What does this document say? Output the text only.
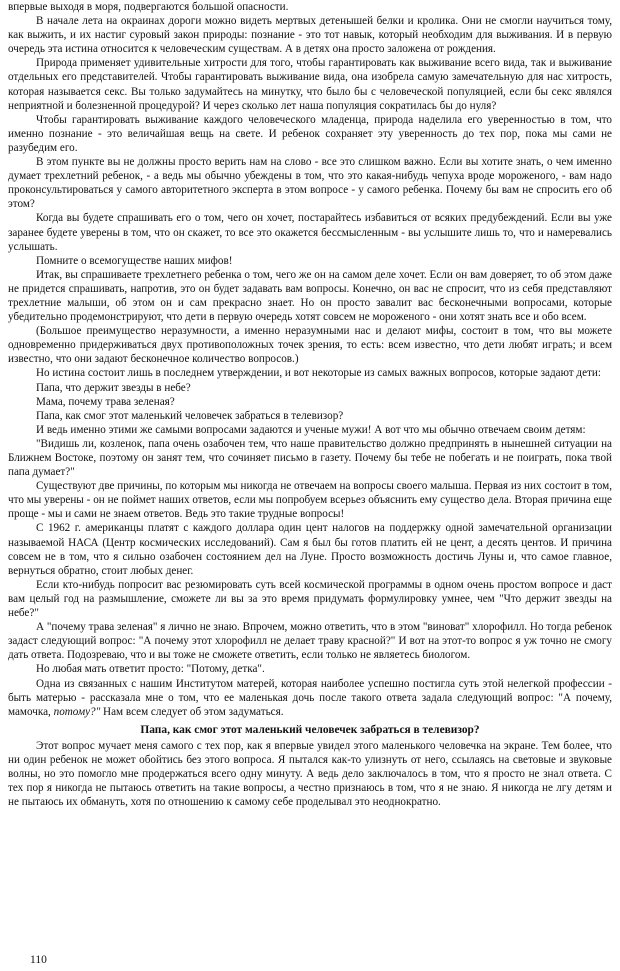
впервые выходя в моря, подвергаются большой опасности.

В начале лета на окраинах дороги можно видеть мертвых детенышей белки и кролика. Они не смогли научиться тому, как выжить, и их настиг суровый закон природы: познание - это тот навык, который необходим для выживания. И в первую очередь эта истина относится к человеческим существам. А в детях она просто заложена от рождения.

Природа применяет удивительные хитрости для того, чтобы гарантировать как выживание всего вида, так и выживание отдельных его представителей. Чтобы гарантировать выживание вида, она изобрела самую замечательную для нас хитрость, которая называется секс. Вы только задумайтесь на минутку, что было бы с человеческой популяцией, если бы секс являлся неприятной и болезненной процедурой? И через сколько лет наша популяция сократилась бы до нуля?

Чтобы гарантировать выживание каждого человеческого младенца, природа наделила его уверенностью в том, что именно познание - это величайшая вещь на свете. И ребенок сохраняет эту уверенность до тех пор, пока мы сами не разубедим его.

В этом пункте вы не должны просто верить нам на слово - все это слишком важно. Если вы хотите знать, о чем именно думает трехлетний ребенок, - а ведь мы обычно убеждены в том, что это какая-нибудь чепуха вроде мороженого, - вам надо проконсультироваться у самого авторитетного эксперта в этом вопросе - у самого ребенка. Почему бы вам не спросить его об этом?

Когда вы будете спрашивать его о том, чего он хочет, постарайтесь избавиться от всяких предубеждений. Если вы уже заранее будете уверены в том, что он скажет, то все это окажется бессмысленным - вы услышите лишь то, что и намеревались услышать.

Помните о всемогуществе наших мифов!

Итак, вы спрашиваете трехлетнего ребенка о том, чего же он на самом деле хочет. Если он вам доверяет, то об этом даже не придется спрашивать, напротив, это он будет задавать вам вопросы. Конечно, он вас не спросит, что из себя представляют трехлетние малыши, об этом он и сам прекрасно знает. Но он просто завалит вас бесконечными вопросами, которые убедительно продемонстрируют, что дети в первую очередь хотят совсем не мороженого - они хотят знать все и обо всем.

(Большое преимущество неразумности, а именно неразумными нас и делают мифы, состоит в том, что вы можете одновременно придерживаться двух противоположных точек зрения, то есть: всем известно, что дети любят играть; и всем известно, что они задают бесконечное количество вопросов.)

Но истина состоит лишь в последнем утверждении, и вот некоторые из самых важных вопросов, которые задают дети:

Папа, что держит звезды в небе?

Мама, почему трава зеленая?

Папа, как смог этот маленький человечек забраться в телевизор?

И ведь именно этими же самыми вопросами задаются и ученые мужи! А вот что мы обычно отвечаем своим детям:

"Видишь ли, козленок, папа очень озабочен тем, что наше правительство должно предпринять в нынешней ситуации на Ближнем Востоке, поэтому он занят тем, что сочиняет письмо в газету. Почему бы тебе не побегать и не поиграть, пока твой папа думает?"

Существуют две причины, по которым мы никогда не отвечаем на вопросы своего малыша. Первая из них состоит в том, что мы уверены - он не поймет наших ответов, если мы попробуем всерьез объяснить ему существо дела. Вторая причина еще проще - мы и сами не знаем ответов. Ведь это такие трудные вопросы!

С 1962 г. американцы платят с каждого доллара один цент налогов на поддержку одной замечательной организации называемой НАСА (Центр космических исследований). Сам я был бы готов платить ей не цент, а десять центов. И причина совсем не в том, что я сильно озабочен состоянием дел на Луне. Просто возможность достичь Луны и, что самое главное, вернуться обратно, стоит любых денег.

Если кто-нибудь попросит вас резюмировать суть всей космической программы в одном очень простом вопросе и даст вам целый год на размышление, сможете ли вы за это время придумать формулировку умнее, чем "Что держит звезды на небе?"

А "почему трава зеленая" я лично не знаю. Впрочем, можно ответить, что в этом "виноват" хлорофилл. Но тогда ребенок задаст следующий вопрос: "А почему этот хлорофилл не делает траву красной?" И вот на этот-то вопрос я уж точно не смогу дать ответа. Подозреваю, что и вы тоже не сможете ответить, если только не являетесь биологом.

Но любая мать ответит просто: "Потому, детка".

Одна из связанных с нашим Институтом матерей, которая наиболее успешно постигла суть этой нелегкой профессии - быть матерью - рассказала мне о том, что ее маленькая дочь после такого ответа задала следующий вопрос: "А почему, мамочка, потому?" Нам всем следует об этом задуматься.

Папа, как смог этот маленький человечек забраться в телевизор?

Этот вопрос мучает меня самого с тех пор, как я впервые увидел этого маленького человечка на экране. Тем более, что ни один ребенок не может обойтись без этого вопроса. Я пытался как-то улизнуть от него, ссылаясь на световые и звуковые волны, но это помогло мне продержаться всего одну минуту. А ведь дело заключалось в том, что я просто не знал ответа. С тех пор я никогда не пытаюсь ответить на такие вопросы, а честно признаюсь в том, что я не знаю. Я никогда не лгу детям и не пытаюсь их обмануть, хотя по отношению к самому себе проделывал это неоднократно.

110
